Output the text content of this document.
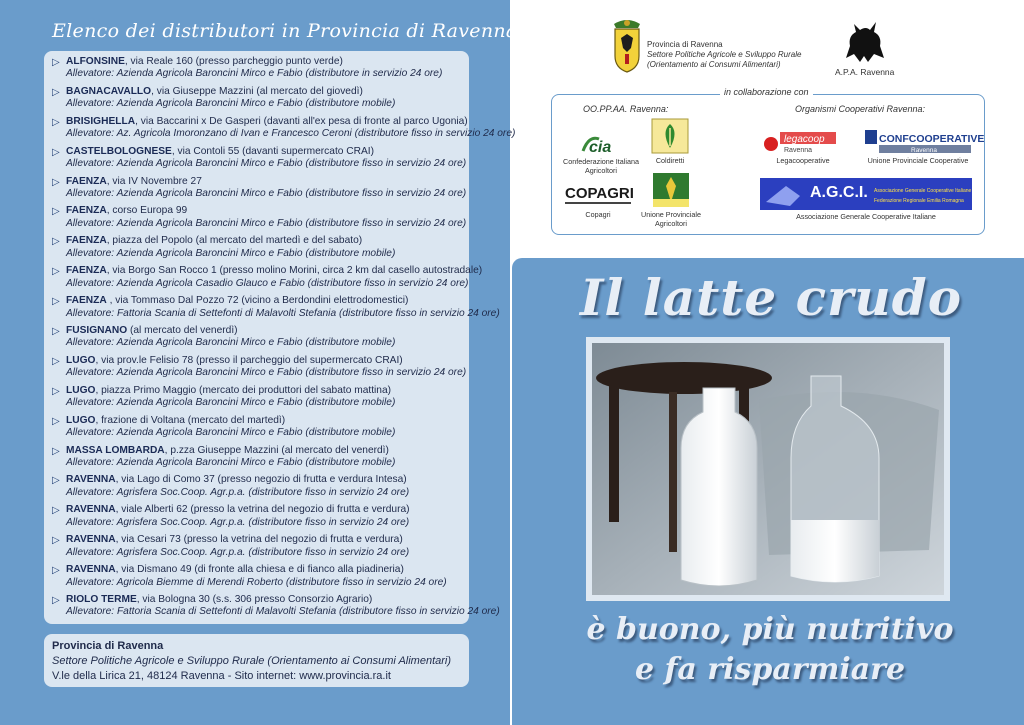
Elenco dei distributori in Provincia di Ravenna:
▷ ALFONSINE, via Reale 160 (presso parcheggio punto verde)
Allevatore: Azienda Agricola Baroncini Mirco e Fabio (distributore in servizio 24 ore)
▷ BAGNACAVALLO, via Giuseppe Mazzini (al mercato del giovedì)
Allevatore: Azienda Agricola Baroncini Mirco e Fabio (distributore mobile)
▷ BRISIGHELLA, via Baccarini x De Gasperi (davanti all'ex pesa di fronte al parco Ugonia)
Allevatore: Az. Agricola Imoronzano di Ivan e Francesco Ceroni (distributore fisso in servizio 24 ore)
▷ CASTELBOLOGNESE, via Contoli 55 (davanti supermercato CRAI)
Allevatore: Azienda Agricola Baroncini Mirco e Fabio (distributore fisso in servizio 24 ore)
▷ FAENZA, via IV Novembre 27
Allevatore: Azienda Agricola Baroncini Mirco e Fabio (distributore fisso in servizio 24 ore)
▷ FAENZA, corso Europa 99
Allevatore: Azienda Agricola Baroncini Mirco e Fabio (distributore fisso in servizio 24 ore)
▷ FAENZA, piazza del Popolo (al mercato del martedì e del sabato)
Allevatore: Azienda Agricola Baroncini Mirco e Fabio (distributore mobile)
▷ FAENZA, via Borgo San Rocco 1 (presso molino Morini, circa 2 km dal casello autostradale)
Allevatore: Azienda Agricola Casadio Glauco e Fabio (distributore fisso in servizio 24 ore)
▷ FAENZA , via Tommaso Dal Pozzo 72 (vicino a Berdondini elettrodomestici)
Allevatore: Fattoria Scania di Settefonti di Malavolti Stefania (distributore fisso in servizio 24 ore)
▷ FUSIGNANO (al mercato del venerdì)
Allevatore: Azienda Agricola Baroncini Mirco e Fabio (distributore mobile)
▷ LUGO, via prov.le Felisio 78 (presso il parcheggio del supermercato CRAI)
Allevatore: Azienda Agricola Baroncini Mirco e Fabio (distributore fisso in servizio 24 ore)
▷ LUGO, piazza Primo Maggio (mercato dei produttori del sabato mattina)
Allevatore: Azienda Agricola Baroncini Mirco e Fabio (distributore mobile)
▷ LUGO, frazione di Voltana (mercato del martedì)
Allevatore: Azienda Agricola Baroncini Mirco e Fabio (distributore mobile)
▷ MASSA LOMBARDA, p.zza Giuseppe Mazzini (al mercato del venerdì)
Allevatore: Azienda Agricola Baroncini Mirco e Fabio (distributore mobile)
▷ RAVENNA, via Lago di Como 37 (presso negozio di frutta e verdura Intesa)
Allevatore: Agrisfera Soc.Coop. Agr.p.a. (distributore fisso in servizio 24 ore)
▷ RAVENNA, viale Alberti 62 (presso la vetrina del negozio di frutta e verdura)
Allevatore: Agrisfera Soc.Coop. Agr.p.a. (distributore fisso in servizio 24 ore)
▷ RAVENNA, via Cesari 73 (presso la vetrina del negozio di frutta e verdura)
Allevatore: Agrisfera Soc.Coop. Agr.p.a. (distributore fisso in servizio 24 ore)
▷ RAVENNA, via Dismano 49 (di fronte alla chiesa e di fianco alla piadineria)
Allevatore: Agricola Biemme di Merendi Roberto (distributore fisso in servizio 24 ore)
▷ RIOLO TERME, via Bologna 30 (s.s. 306 presso Consorzio Agrario)
Allevatore: Fattoria Scania di Settefonti di Malavolti Stefania (distributore fisso in servizio 24 ore)
Provincia di Ravenna
Settore Politiche Agricole e Sviluppo Rurale (Orientamento ai Consumi Alimentari)
V.le della Lirica 21, 48124 Ravenna - Sito internet: www.provincia.ra.it
Provincia di Ravenna
Settore Politiche Agricole e Sviluppo Rurale
(Orientamento ai Consumi Alimentari)
A.P.A. Ravenna
in collaborazione con
OO.PP.AA. Ravenna:	Organismi Cooperativi Ravenna:
cia
Confederazione Italiana Agricoltori
Coldiretti
COPAGRI
Copagri	Unione Provinciale Agricoltori
legacoop
Ravenna
Legacooperative
CONFCOOPERATIVE
Ravenna
Unione Provinciale Cooperative
A.G.C.I. Associazione Generale Cooperative Italiane
Federazione Regionale Emilia Romagna
Associazione Generale Cooperative Italiane
Il latte crudo
è buono, più nutritivo
e fa risparmiare
